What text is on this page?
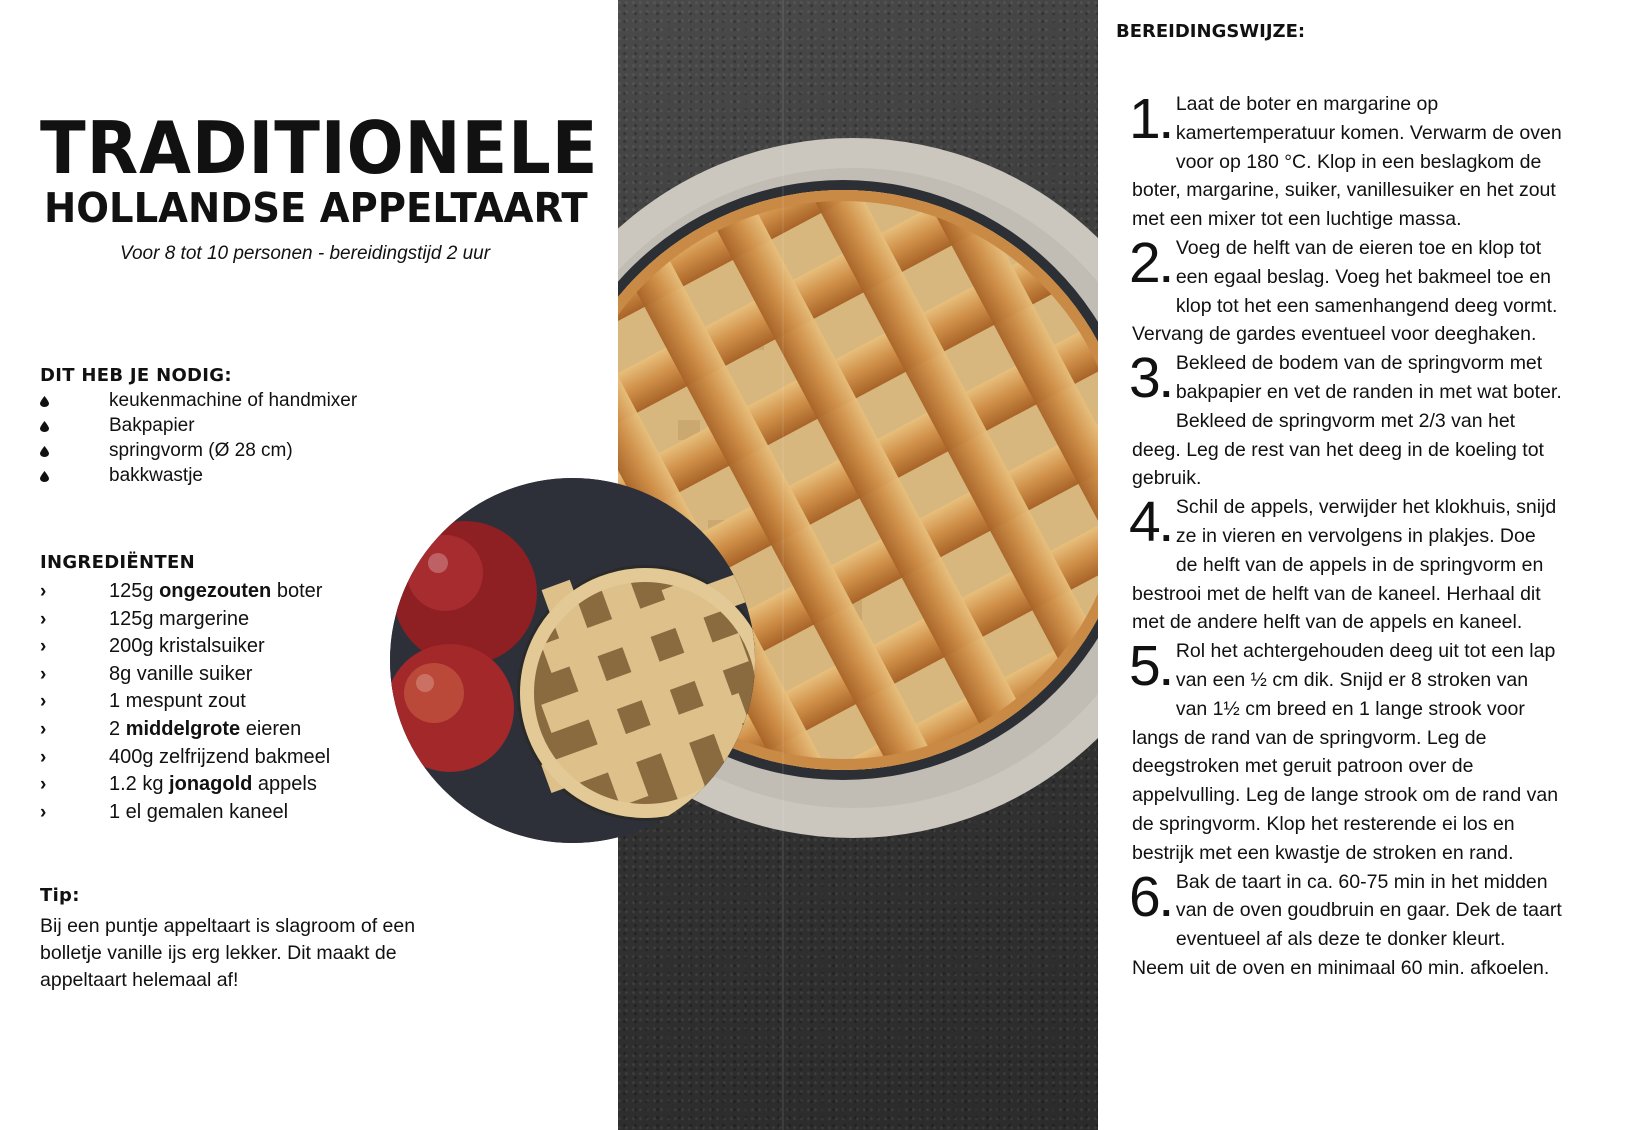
TRADITIONELE
HOLLANDSE APPELTAART
Voor 8 tot 10 personen - bereidingstijd 2 uur
DIT HEB JE NODIG:
keukenmachine of handmixer
Bakpapier
springvorm (Ø 28 cm)
bakkwastje
INGREDIËNTEN
›	125g ongezouten boter
›	125g margerine
›	200g kristalsuiker
›	8g vanille suiker
›	1 mespunt zout
›	2 middelgrote eieren
›	400g zelfrijzend bakmeel
›	1.2 kg jonagold appels
›	1 el gemalen kaneel
Tip:
Bij een puntje appeltaart is slagroom of een bolletje vanille ijs erg lekker. Dit maakt de appeltaart helemaal af!
BEREIDINGSWIJZE:
1. Laat de boter en margarine op kamertemperatuur komen. Verwarm de oven voor op 180 °C. Klop in een beslagkom de boter, margarine, suiker, vanillesuiker en het zout met een mixer tot een luchtige massa.
2. Voeg de helft van de eieren toe en klop tot een egaal beslag. Voeg het bakmeel toe en klop tot het een samenhangend deeg vormt. Vervang de gardes eventueel voor deeghaken.
3. Bekleed de bodem van de springvorm met bakpapier en vet de randen in met wat boter. Bekleed de springvorm met 2/3 van het deeg. Leg de rest van het deeg in de koeling tot gebruik.
4. Schil de appels, verwijder het klokhuis, snijd ze in vieren en vervolgens in plakjes. Doe de helft van de appels in de springvorm en bestrooi met de helft van de kaneel. Herhaal dit met de andere helft van de appels en kaneel.
5. Rol het achtergehouden deeg uit tot een lap van een ½ cm dik. Snijd er 8 stroken van van 1½ cm breed en 1 lange strook voor langs de rand van de springvorm. Leg de deegstroken met geruit patroon over de appelvulling. Leg de lange strook om de rand van de springvorm. Klop het resterende ei los en bestrijk met een kwastje de stroken en rand.
6. Bak de taart in ca. 60-75 min in het midden van de oven goudbruin en gaar. Dek de taart eventueel af als deze te donker kleurt. Neem uit de oven en minimaal 60 min. afkoelen.
